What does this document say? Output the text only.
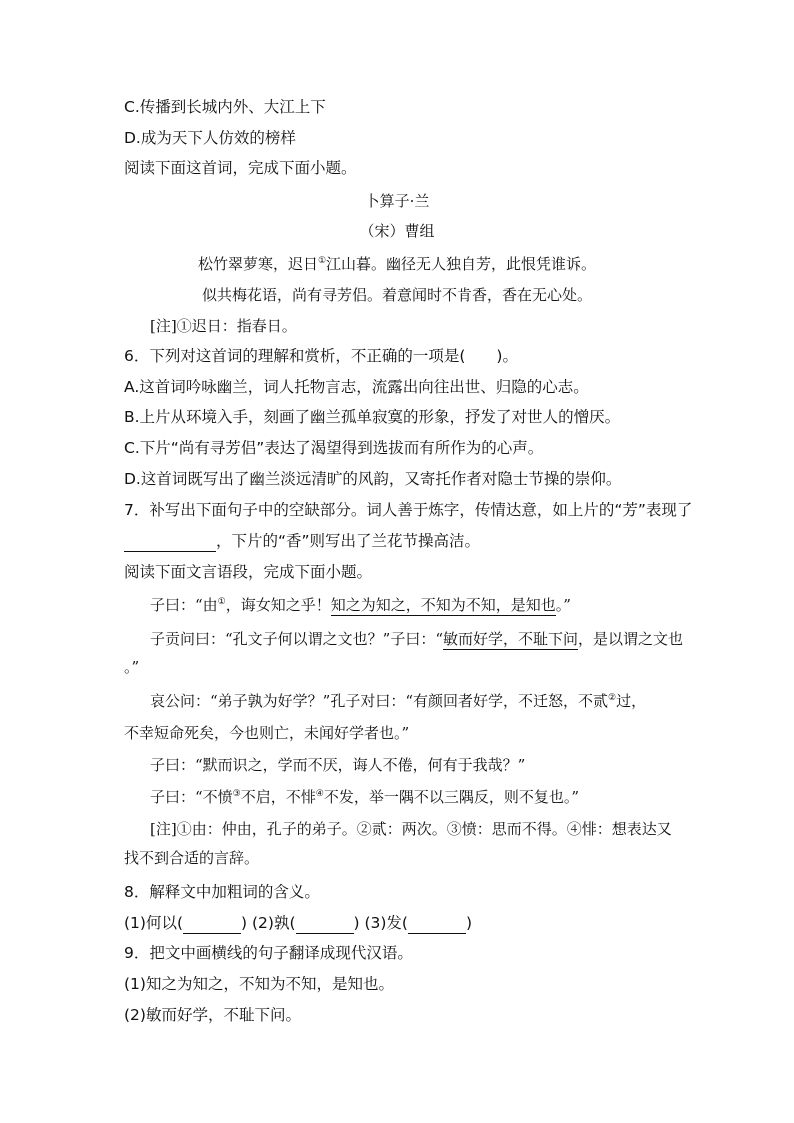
C.传播到长城内外、大江上下
D.成为天下人仿效的榜样
阅读下面这首词，完成下面小题。
卜算子·兰
（宋）曹组
松竹翠萝寒，迟日①江山暮。幽径无人独自芳，此恨凭谁诉。
似共梅花语，尚有寻芳侣。着意闻时不肯香，香在无心处。
[注]①迟日：指春日。
6．下列对这首词的理解和赏析，不正确的一项是(　　)。
A.这首词吟咏幽兰，词人托物言志，流露出向往出世、归隐的心志。
B.上片从环境入手，刻画了幽兰孤单寂寞的形象，抒发了对世人的憎厌。
C.下片“尚有寻芳侣”表达了渴望得到选拔而有所作为的心声。
D.这首词既写出了幽兰淡远清旷的风韵，又寄托作者对隐士节操的崇仰。
7．补写出下面句子中的空缺部分。词人善于炼字，传情达意，如上片的“芳”表现了
，下片的“香”则写出了兰花节操高洁。
阅读下面文言语段，完成下面小题。
子曰：“由①，诲女知之乎！知之为知之，不知为不知，是知也。”
子贡问曰：“孔文子何以谓之文也？”子曰：“敏而好学，不耻下问，是以谓之文也
。”
哀公问：“弟子孰为好学？”孔子对曰：“有颜回者好学，不迁怒，不贰②过，
不幸短命死矣，今也则亡，未闻好学者也。”
子曰：“默而识之，学而不厌，诲人不倦，何有于我哉？”
子曰：“不愤③不启，不悱④不发，举一隅不以三隅反，则不复也。”
[注]①由：仲由，孔子的弟子。②贰：两次。③愤：思而不得。④悱：想表达又
找不到合适的言辞。
8．解释文中加粗词的含义。
(1)何以(	) (2)孰(	) (3)发(	)
9．把文中画横线的句子翻译成现代汉语。
(1)知之为知之，不知为不知，是知也。
(2)敏而好学，不耻下问。
